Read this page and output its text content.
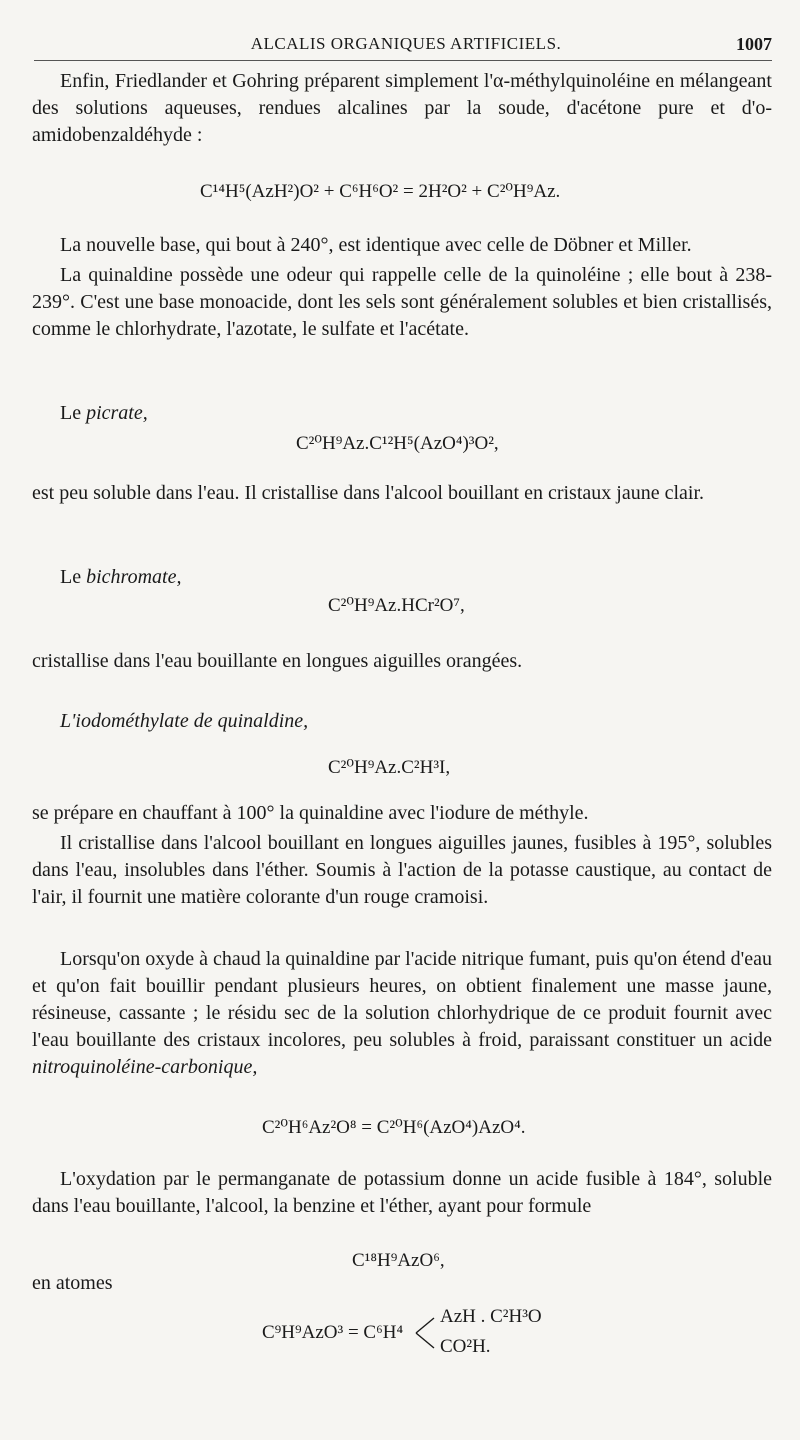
ALCALIS ORGANIQUES ARTIFICIELS.	1007

Enfin, Friedlander et Gohring préparent simplement l'α-méthylquinoléine en mélangeant des solutions aqueuses, rendues alcalines par la soude, d'acétone pure et d'o-amidobenzaldéhyde :

C¹⁴H⁵(AzH²)O² + C⁶H⁶O² = 2H²O² + C²⁰H⁹Az.

La nouvelle base, qui bout à 240°, est identique avec celle de Döbner et Miller.

La quinaldine possède une odeur qui rappelle celle de la quinoléine ; elle bout à 238-239°. C'est une base monoacide, dont les sels sont généralement solubles et bien cristallisés, comme le chlorhydrate, l'azotate, le sulfate et l'acétate.

Le picrate,

C²⁰H⁹Az.C¹²H⁵(AzO⁴)³O²,

est peu soluble dans l'eau. Il cristallise dans l'alcool bouillant en cristaux jaune clair.

Le bichromate,

C²⁰H⁹Az.HCr²O⁷,

cristallise dans l'eau bouillante en longues aiguilles orangées.

L'iodométhylate de quinaldine,

C²⁰H⁹Az.C²H³I,

se prépare en chauffant à 100° la quinaldine avec l'iodure de méthyle.

Il cristallise dans l'alcool bouillant en longues aiguilles jaunes, fusibles à 195°, solubles dans l'eau, insolubles dans l'éther. Soumis à l'action de la potasse caustique, au contact de l'air, il fournit une matière colorante d'un rouge cramoisi.

Lorsqu'on oxyde à chaud la quinaldine par l'acide nitrique fumant, puis qu'on étend d'eau et qu'on fait bouillir pendant plusieurs heures, on obtient finalement une masse jaune, résineuse, cassante ; le résidu sec de la solution chlorhydrique de ce produit fournit avec l'eau bouillante des cristaux incolores, peu solubles à froid, paraissant constituer un acide nitroquinoléine-carbonique,

C²⁰H⁶Az²O⁸ = C²⁰H⁶(AzO⁴)AzO⁴.

L'oxydation par le permanganate de potassium donne un acide fusible à 184°, soluble dans l'eau bouillante, l'alcool, la benzine et l'éther, ayant pour formule

C¹⁸H⁹AzO⁶,
en atomes
C⁹H⁹AzO³ = C⁶H⁴
AzH . C²H³O
CO²H.
